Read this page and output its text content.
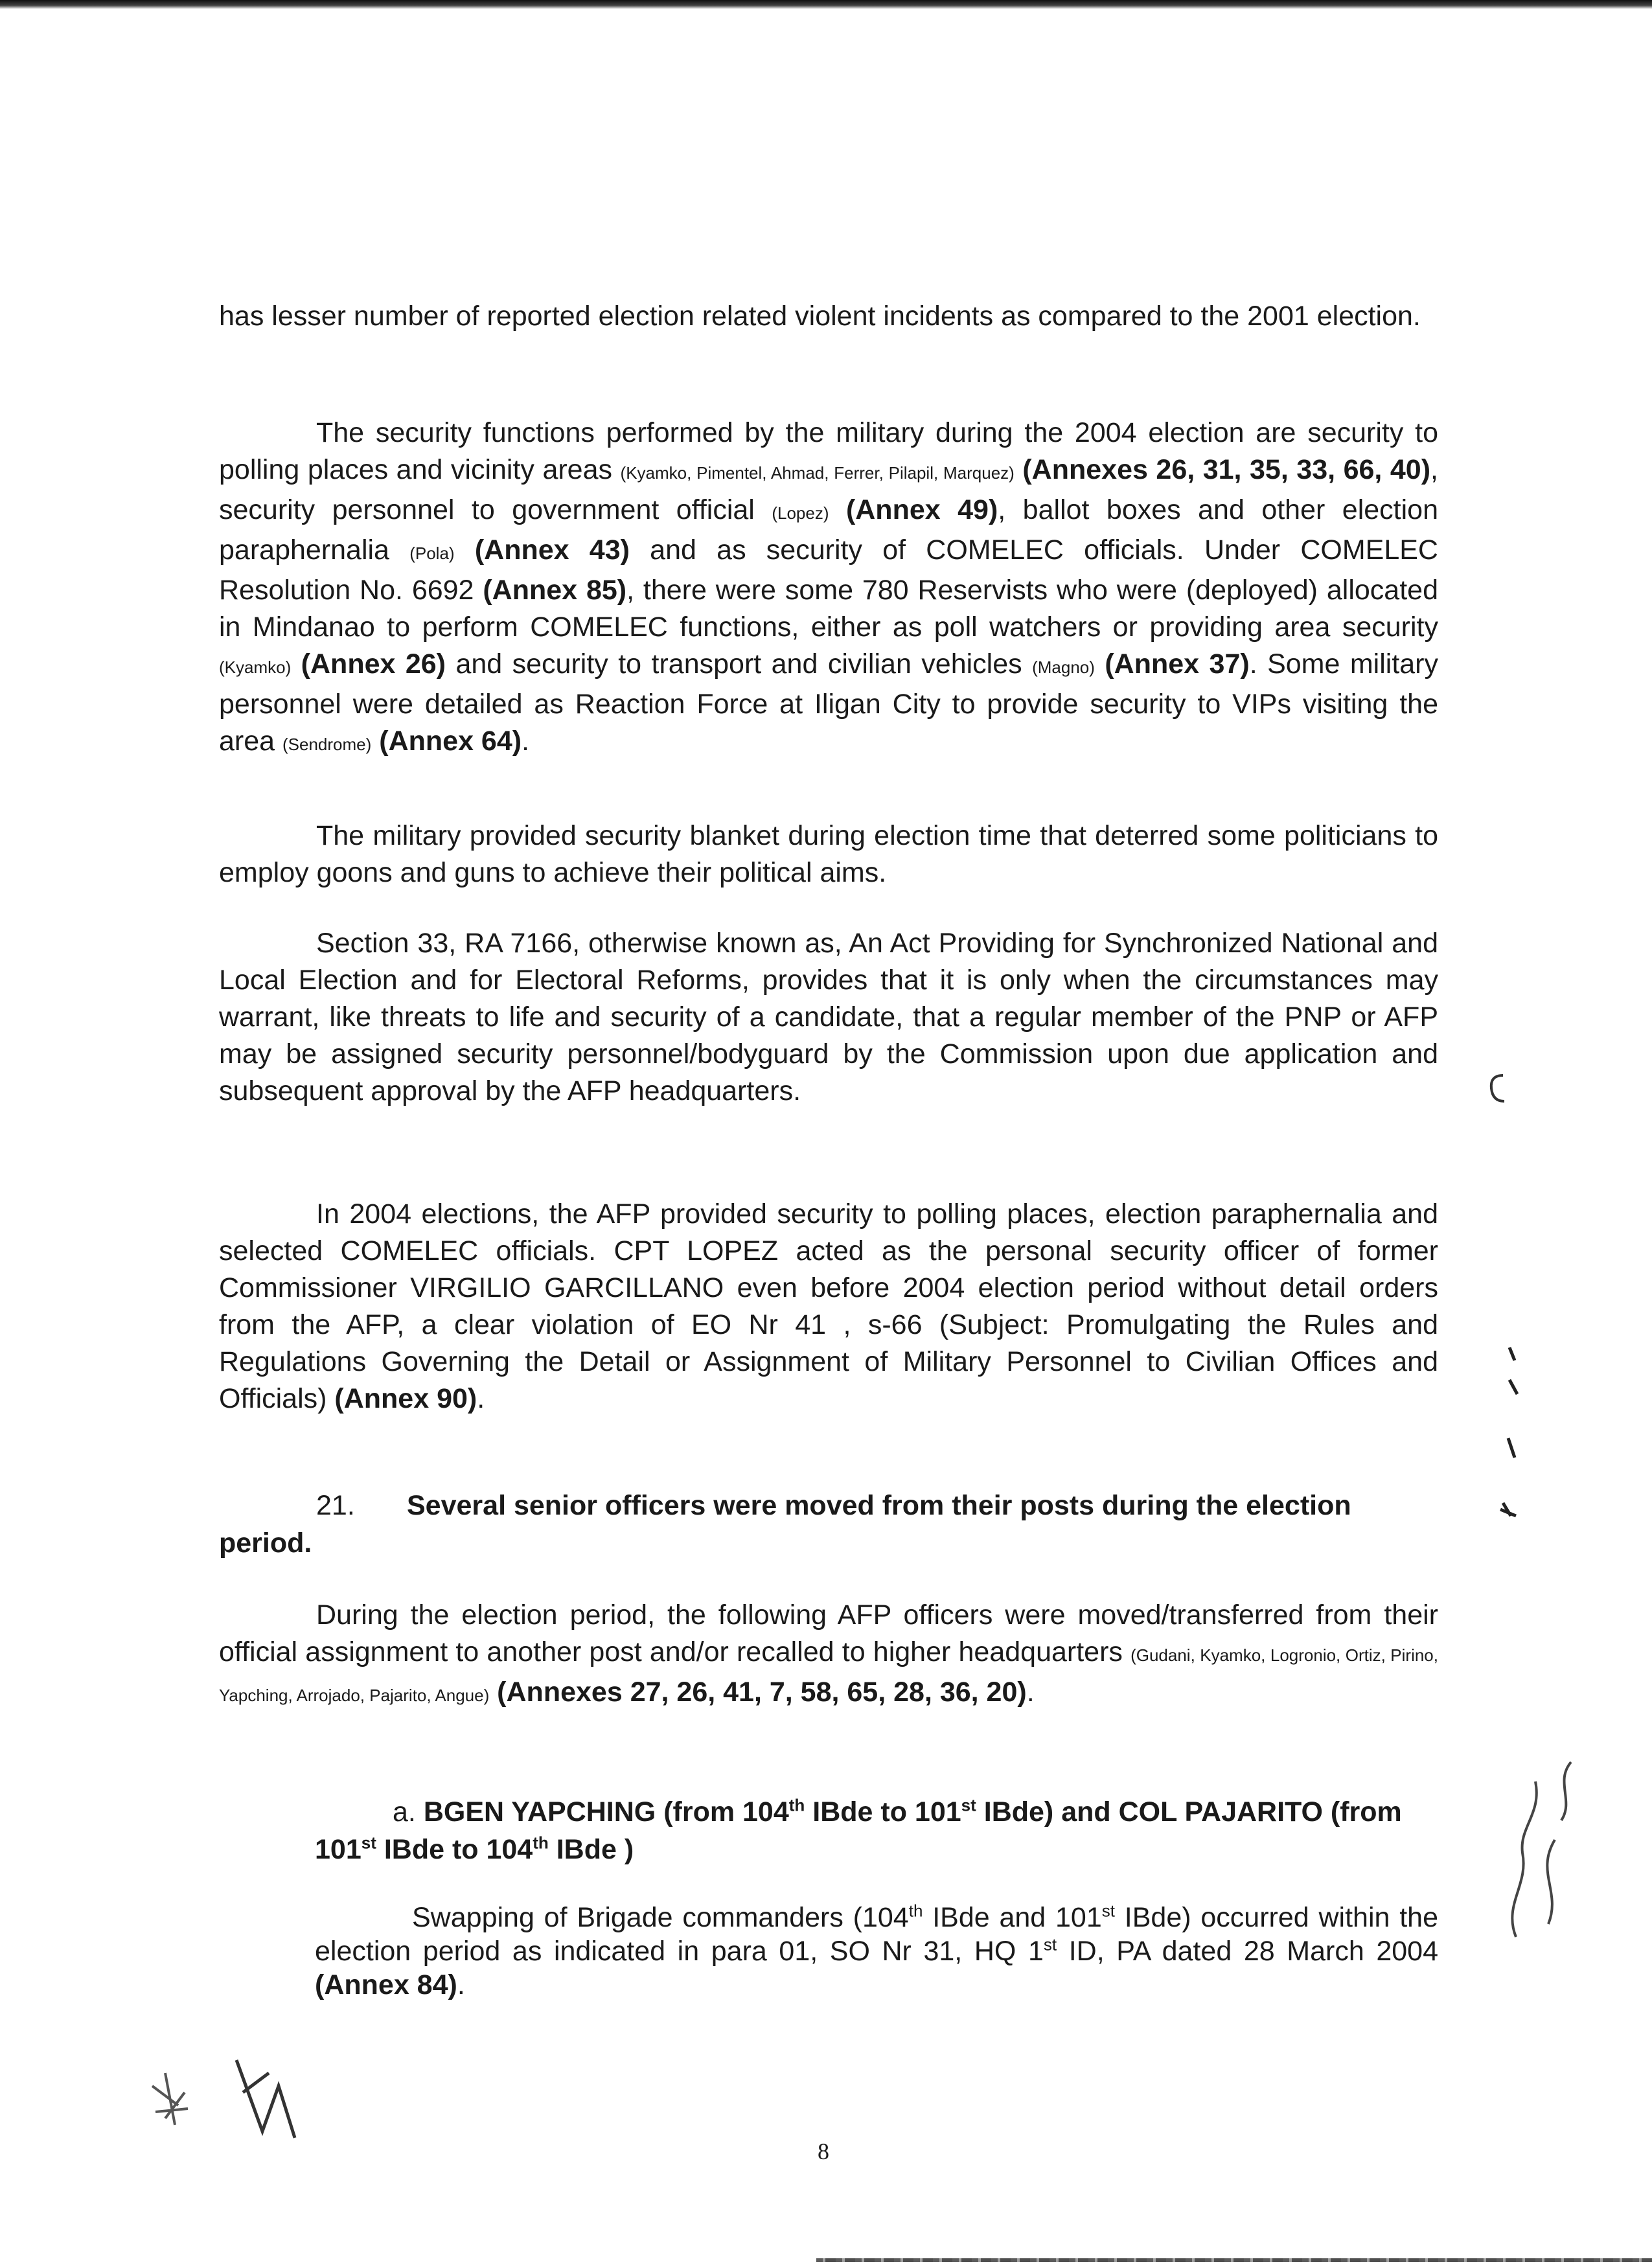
has lesser number of reported election related violent incidents as compared to the 2001 election.

The security functions performed by the military during the 2004 election are security to polling places and vicinity areas (Kyamko, Pimentel, Ahmad, Ferrer, Pilapil, Marquez) (Annexes 26, 31, 35, 33, 66, 40), security personnel to government official (Lopez) (Annex 49), ballot boxes and other election paraphernalia (Pola) (Annex 43) and as security of COMELEC officials. Under COMELEC Resolution No. 6692 (Annex 85), there were some 780 Reservists who were (deployed) allocated in Mindanao to perform COMELEC functions, either as poll watchers or providing area security (Kyamko) (Annex 26) and security to transport and civilian vehicles (Magno) (Annex 37). Some military personnel were detailed as Reaction Force at Iligan City to provide security to VIPs visiting the area (Sendrome) (Annex 64).

The military provided security blanket during election time that deterred some politicians to employ goons and guns to achieve their political aims.

Section 33, RA 7166, otherwise known as, An Act Providing for Synchronized National and Local Election and for Electoral Reforms, provides that it is only when the circumstances may warrant, like threats to life and security of a candidate, that a regular member of the PNP or AFP may be assigned security personnel/bodyguard by the Commission upon due application and subsequent approval by the AFP headquarters.

In 2004 elections, the AFP provided security to polling places, election paraphernalia and selected COMELEC officials. CPT LOPEZ acted as the personal security officer of former Commissioner VIRGILIO GARCILLANO even before 2004 election period without detail orders from the AFP, a clear violation of EO Nr 41 , s-66 (Subject: Promulgating the Rules and Regulations Governing the Detail or Assignment of Military Personnel to Civilian Offices and Officials) (Annex 90).

21. Several senior officers were moved from their posts during the election period.

During the election period, the following AFP officers were moved/transferred from their official assignment to another post and/or recalled to higher headquarters (Gudani, Kyamko, Logronio, Ortiz, Pirino, Yapching, Arrojado, Pajarito, Angue) (Annexes 27, 26, 41, 7, 58, 65, 28, 36, 20).

a. BGEN YAPCHING (from 104th IBde to 101st IBde) and COL PAJARITO (from 101st IBde to 104th IBde )

Swapping of Brigade commanders (104th IBde and 101st IBde) occurred within the election period as indicated in para 01, SO Nr 31, HQ 1st ID, PA dated 28 March 2004 (Annex 84).

8
